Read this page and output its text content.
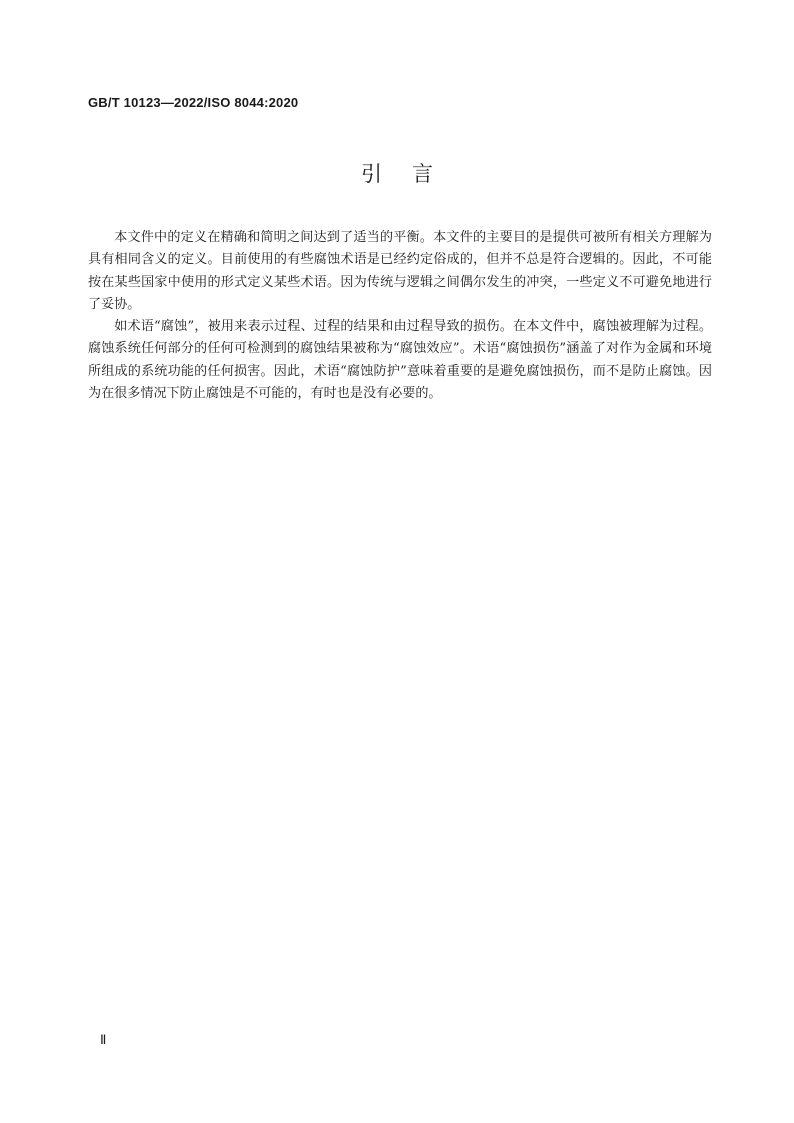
GB/T 10123—2022/ISO 8044:2020
引言

本文件中的定义在精确和简明之间达到了适当的平衡。本文件的主要目的是提供可被所有相关方理解为具有相同含义的定义。目前使用的有些腐蚀术语是已经约定俗成的，但并不总是符合逻辑的。因此，不可能按在某些国家中使用的形式定义某些术语。因为传统与逻辑之间偶尔发生的冲突，一些定义不可避免地进行了妥协。

如术语“腐蚀”，被用来表示过程、过程的结果和由过程导致的损伤。在本文件中，腐蚀被理解为过程。腐蚀系统任何部分的任何可检测到的腐蚀结果被称为“腐蚀效应”。术语“腐蚀损伤”涵盖了对作为金属和环境所组成的系统功能的任何损害。因此，术语“腐蚀防护”意味着重要的是避免腐蚀损伤，而不是防止腐蚀。因为在很多情况下防止腐蚀是不可能的，有时也是没有必要的。

Ⅱ
